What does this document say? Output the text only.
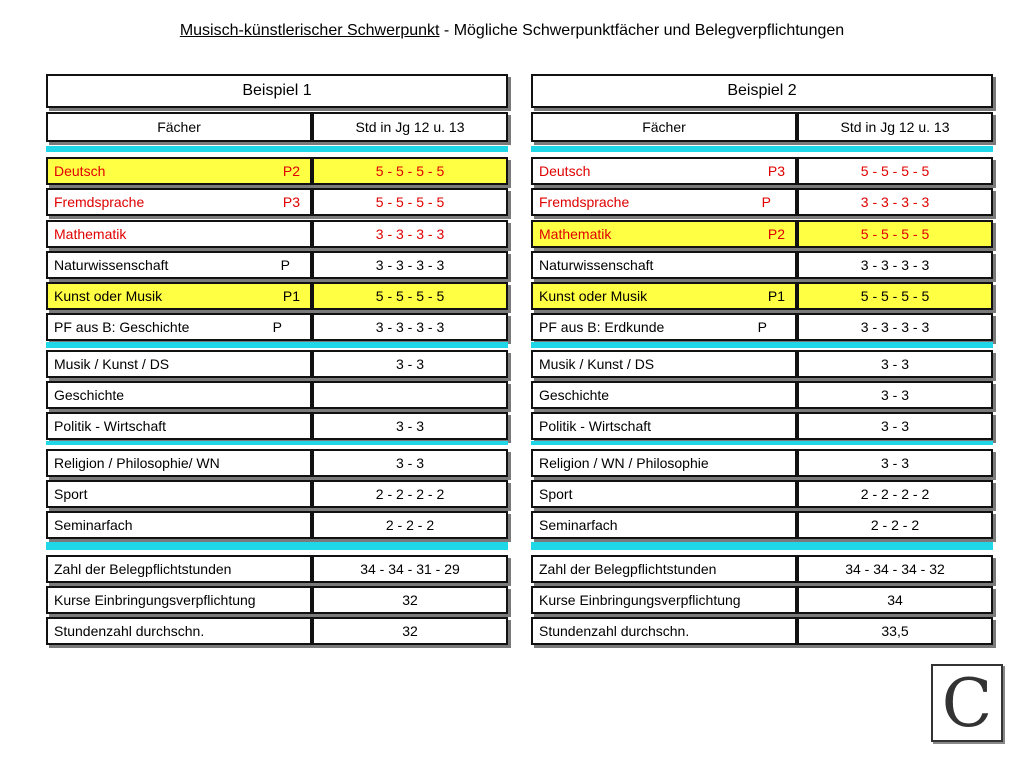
Musisch-künstlerischer Schwerpunkt - Mögliche Schwerpunktfächer und Belegverpflichtungen
Beispiel 1
Fächer	Std in Jg 12 u. 13
Deutsch	P2	5 - 5 - 5 - 5
Fremdsprache	P3	5 - 5 - 5 - 5
Mathematik	3 - 3 - 3 - 3
Naturwissenschaft	P	3 - 3 - 3 - 3
Kunst oder Musik	P1	5 - 5 - 5 - 5
PF aus B: Geschichte	P	3 - 3 - 3 - 3
Musik / Kunst / DS	3 - 3
Geschichte
Politik - Wirtschaft	3 - 3
Religion / Philosophie/ WN	3 - 3
Sport	2 - 2 - 2 - 2
Seminarfach	2 - 2 - 2
Zahl der Belegpflichtstunden	34 - 34 - 31 - 29
Kurse Einbringungsverpflichtung	32
Stundenzahl durchschn.	32
Beispiel 2
Fächer	Std in Jg 12 u. 13
Deutsch	P3	5 - 5 - 5 - 5
Fremdsprache	P	3 - 3 - 3 - 3
Mathematik	P2	5 - 5 - 5 - 5
Naturwissenschaft	3 - 3 - 3 - 3
Kunst oder Musik	P1	5 - 5 - 5 - 5
PF aus B: Erdkunde	P	3 - 3 - 3 - 3
Musik / Kunst / DS	3 - 3
Geschichte	3 - 3
Politik - Wirtschaft	3 - 3
Religion / WN / Philosophie	3 - 3
Sport	2 - 2 - 2 - 2
Seminarfach	2 - 2 - 2
Zahl der Belegpflichtstunden	34 - 34 - 34 - 32
Kurse Einbringungsverpflichtung	34
Stundenzahl durchschn.	33,5
C
